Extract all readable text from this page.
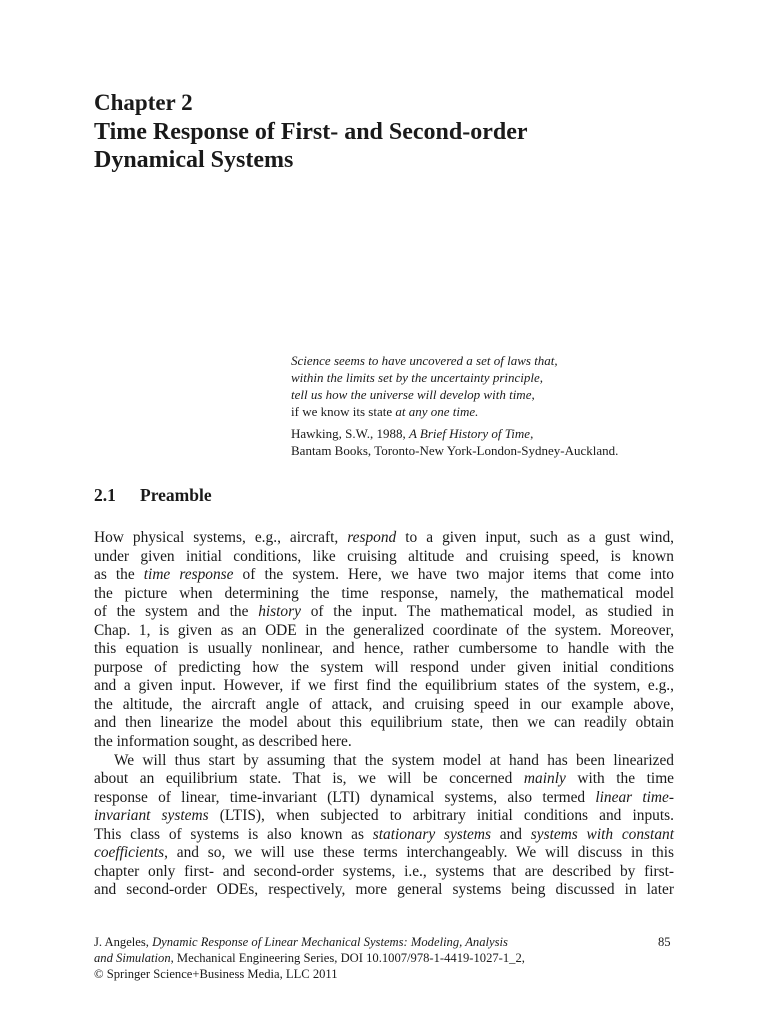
Chapter 2
Time Response of First- and Second-order
Dynamical Systems
Science seems to have uncovered a set of laws that,
within the limits set by the uncertainty principle,
tell us how the universe will develop with time,
if we know its state at any one time.
Hawking, S.W., 1988, A Brief History of Time,
Bantam Books, Toronto-New York-London-Sydney-Auckland.
2.1 Preamble
How physical systems, e.g., aircraft, respond to a given input, such as a gust wind,
under given initial conditions, like cruising altitude and cruising speed, is known
as the time response of the system. Here, we have two major items that come into
the picture when determining the time response, namely, the mathematical model
of the system and the history of the input. The mathematical model, as studied in
Chap. 1, is given as an ODE in the generalized coordinate of the system. Moreover,
this equation is usually nonlinear, and hence, rather cumbersome to handle with the
purpose of predicting how the system will respond under given initial conditions
and a given input. However, if we first find the equilibrium states of the system, e.g.,
the altitude, the aircraft angle of attack, and cruising speed in our example above,
and then linearize the model about this equilibrium state, then we can readily obtain
the information sought, as described here.
We will thus start by assuming that the system model at hand has been linearized
about an equilibrium state. That is, we will be concerned mainly with the time
response of linear, time-invariant (LTI) dynamical systems, also termed linear time-
invariant systems (LTIS), when subjected to arbitrary initial conditions and inputs.
This class of systems is also known as stationary systems and systems with constant
coefficients, and so, we will use these terms interchangeably. We will discuss in this
chapter only first- and second-order systems, i.e., systems that are described by first-
and second-order ODEs, respectively, more general systems being discussed in later
J. Angeles, Dynamic Response of Linear Mechanical Systems: Modeling, Analysis
and Simulation, Mechanical Engineering Series, DOI 10.1007/978-1-4419-1027-1_2,
© Springer Science+Business Media, LLC 2011
85
